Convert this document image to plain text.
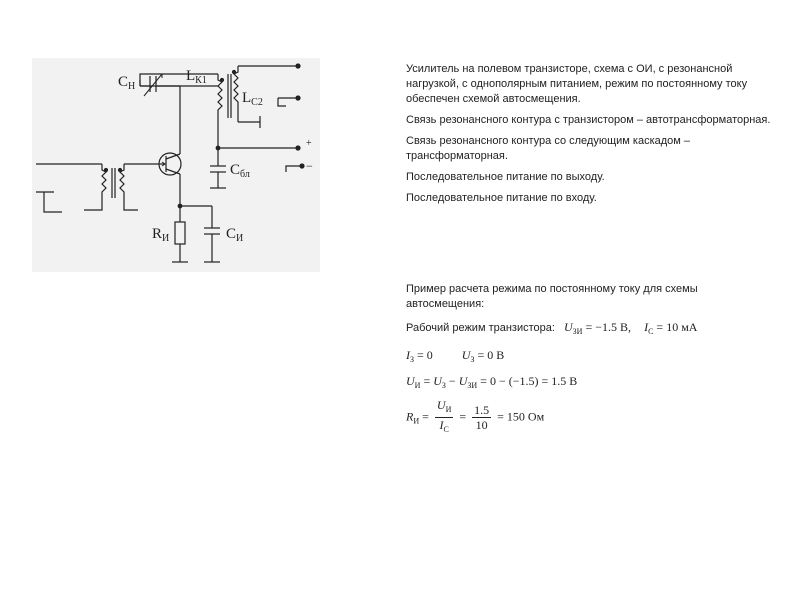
$C_Н$
$L_{К1}$
$L_{С2}$
$C_{бл}$
$R_И$	$C_И$
+
−

Усилитель на полевом транзисторе, схема с ОИ, с резонансной нагрузкой, с однополярным питанием, режим по постоянному току обеспечен схемой автосмещения.

Связь резонансного контура с транзистором – автотрансформаторная.

Связь резонансного контура со следующим каскадом – трансформаторная.

Последовательное питание по выходу.

Последовательное питание по входу.

Пример расчета режима по постоянному току для схемы автосмещения:

Рабочий режим транзистора: $U_{ЗИ} = -1.5$ В, $I_С = 10$ мА
$I_З = 0$ $U_З = 0$ В
$U_И = U_З - U_{ЗИ} = 0 - (-1.5) = 1.5$ В
$R_И = \frac{U_И}{I_С} = \frac{1.5}{10} = 150$ Ом
